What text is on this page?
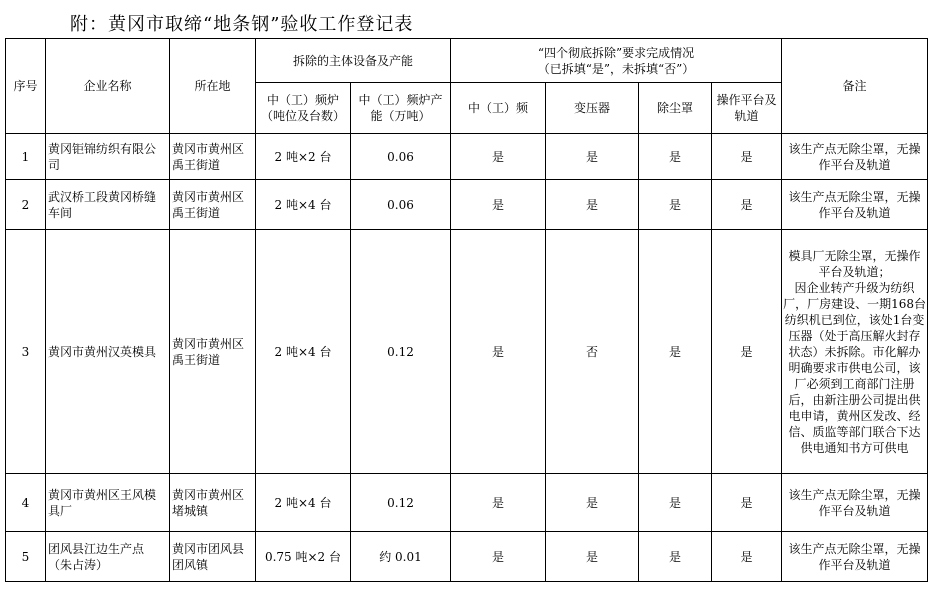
附：黄冈市取缔“地条钢”验收工作登记表
序号	企业名称	所在地	拆除的主体设备及产能		“四个彻底拆除”要求完成情况
（已拆填“是”，未拆填“否”）				备注
			中（工）频炉（吨位及台数）	中（工）频炉产能（万吨）	中（工）频	变压器	除尘罩	操作平台及轨道	
1	黄冈钜锦纺织有限公司	黄冈市黄州区禹王街道	2 吨×2 台	0.06	是	是	是	是	该生产点无除尘罩，无操作平台及轨道
2	武汉桥工段黄冈桥缝车间	黄冈市黄州区禹王街道	2 吨×4 台	0.06	是	是	是	是	该生产点无除尘罩，无操作平台及轨道
3	黄冈市黄州汉英模具	黄冈市黄州区禹王街道	2 吨×4 台	0.12	是	否	是	是	模具厂无除尘罩，无操作平台及轨道；
因企业转产升级为纺织厂，厂房建设、一期168台纺织机已到位，该处1台变压器（处于高压解火封存状态）未拆除。市化解办明确要求市供电公司，该厂必须到工商部门注册后，由新注册公司提出供电申请，黄州区发改、经信、质监等部门联合下达供电通知书方可供电
4	黄冈市黄州区王风模具厂	黄冈市黄州区堵城镇	2 吨×4 台	0.12	是	是	是	是	该生产点无除尘罩，无操作平台及轨道
5	团风县江边生产点（朱占涛）	黄冈市团风县团风镇	0.75 吨×2 台	约 0.01	是	是	是	是	该生产点无除尘罩，无操作平台及轨道
